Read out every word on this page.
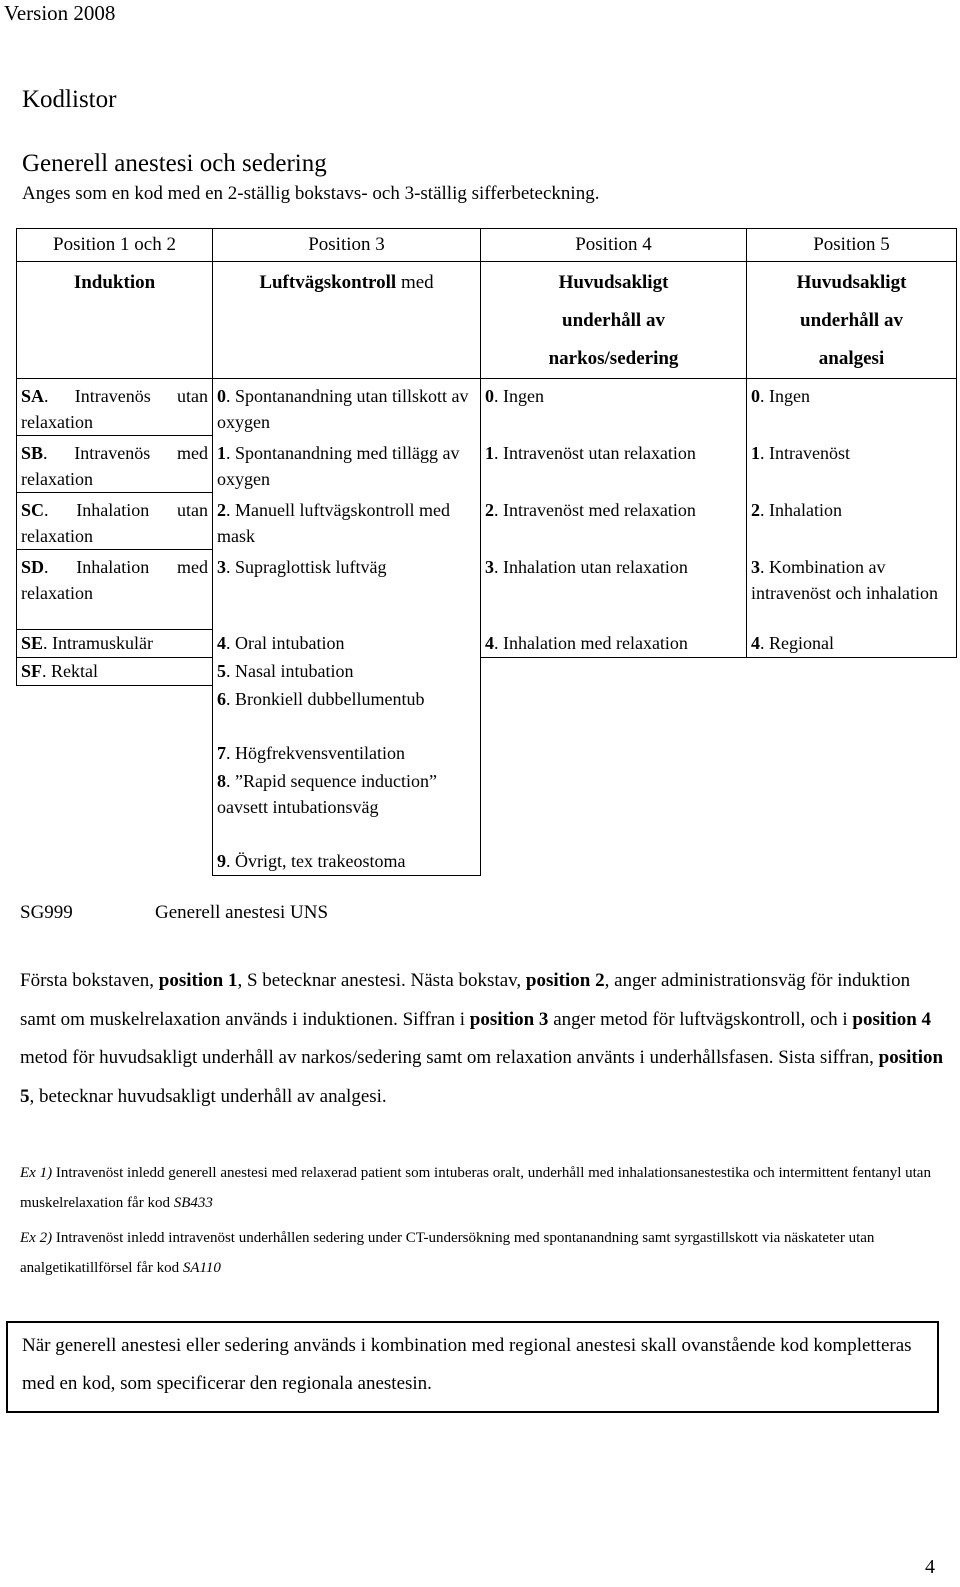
Version 2008
Kodlistor
Generell anestesi och sedering
Anges som en kod med en 2-ställig bokstavs- och 3-ställig sifferbeteckning.
Position 1 och 2	Position 3	Position 4	Position 5
Induktion	Luftvägskontroll med	Huvudsakligt underhåll av narkos/sedering	Huvudsakligt underhåll av analgesi
SA. Intravenös utan relaxation	0. Spontanandning utan tillskott av oxygen	0. Ingen	0. Ingen
SB. Intravenös med relaxation	1. Spontanandning med tillägg av oxygen	1. Intravenöst utan relaxation	1. Intravenöst
SC. Inhalation utan relaxation	2. Manuell luftvägskontroll med mask	2. Intravenöst med relaxation	2. Inhalation
SD. Inhalation med relaxation	3. Supraglottisk luftväg	3. Inhalation utan relaxation	3. Kombination av intravenöst och inhalation
SE. Intramuskulär	4. Oral intubation	4. Inhalation med relaxation	4. Regional
SF. Rektal	5. Nasal intubation		
	6. Bronkiell dubbellumentub		
	7. Högfrekvensventilation		
	8. ”Rapid sequence induction” oavsett intubationsväg		
	9. Övrigt, tex trakeostoma		
SG999	Generell anestesi UNS

Första bokstaven, position 1, S betecknar anestesi. Nästa bokstav, position 2, anger administrationsväg för induktion samt om muskelrelaxation används i induktionen. Siffran i position 3 anger metod för luftvägskontroll, och i position 4 metod för huvudsakligt underhåll av narkos/sedering samt om relaxation använts i underhållsfasen. Sista siffran, position 5, betecknar huvudsakligt underhåll av analgesi.

Ex 1) Intravenöst inledd generell anestesi med relaxerad patient som intuberas oralt, underhåll med inhalationsanestestika och intermittent fentanyl utan muskelrelaxation får kod SB433

Ex 2) Intravenöst inledd intravenöst underhållen sedering under CT-undersökning med spontanandning samt syrgastillskott via näskateter utan analgetikatillförsel får kod SA110

När generell anestesi eller sedering används i kombination med regional anestesi skall ovanstående kod kompletteras med en kod, som specificerar den regionala anestesin.
4
